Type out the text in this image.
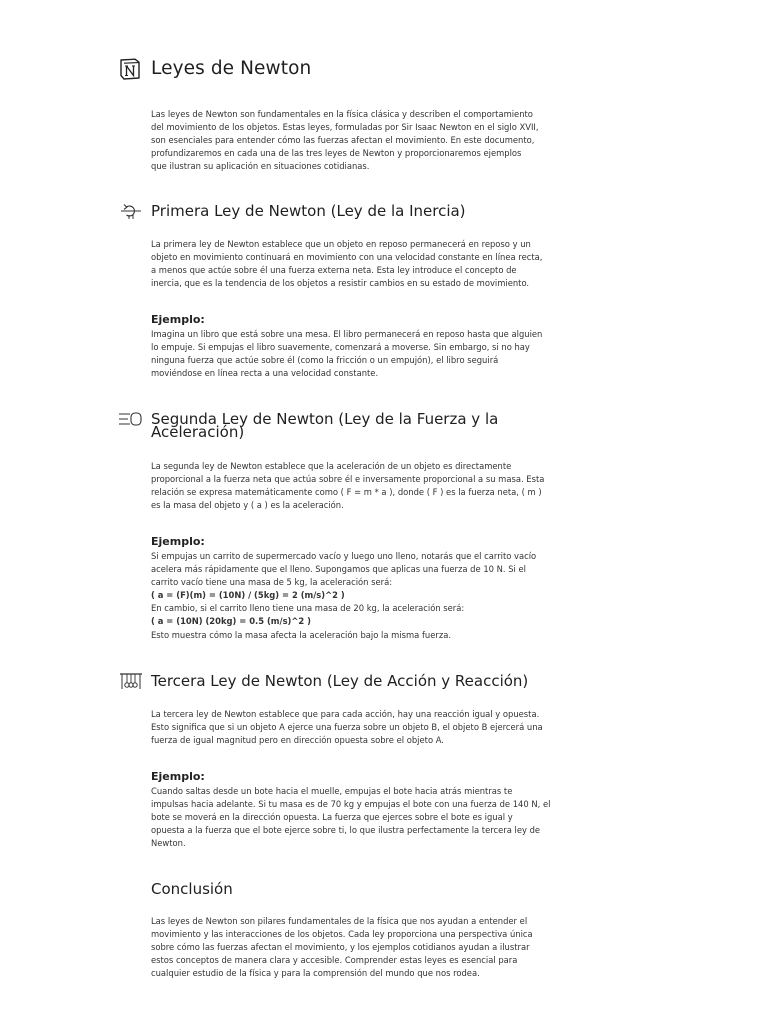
Leyes de Newton

Las leyes de Newton son fundamentales en la física clásica y describen el comportamiento
del movimiento de los objetos. Estas leyes, formuladas por Sir Isaac Newton en el siglo XVII,
son esenciales para entender cómo las fuerzas afectan el movimiento. En este documento,
profundizaremos en cada una de las tres leyes de Newton y proporcionaremos ejemplos
que ilustran su aplicación en situaciones cotidianas.

Primera Ley de Newton (Ley de la Inercia)

La primera ley de Newton establece que un objeto en reposo permanecerá en reposo y un
objeto en movimiento continuará en movimiento con una velocidad constante en línea recta,
a menos que actúe sobre él una fuerza externa neta. Esta ley introduce el concepto de
inercia, que es la tendencia de los objetos a resistir cambios en su estado de movimiento.

Ejemplo:

Imagina un libro que está sobre una mesa. El libro permanecerá en reposo hasta que alguien
lo empuje. Si empujas el libro suavemente, comenzará a moverse. Sin embargo, si no hay
ninguna fuerza que actúe sobre él (como la fricción o un empujón), el libro seguirá
moviéndose en línea recta a una velocidad constante.

Segunda Ley de Newton (Ley de la Fuerza y la
Aceleración)

La segunda ley de Newton establece que la aceleración de un objeto es directamente
proporcional a la fuerza neta que actúa sobre él e inversamente proporcional a su masa. Esta
relación se expresa matemáticamente como ( F = m * a ), donde ( F ) es la fuerza neta, ( m )
es la masa del objeto y ( a ) es la aceleración.

Ejemplo:

Si empujas un carrito de supermercado vacío y luego uno lleno, notarás que el carrito vacío
acelera más rápidamente que el lleno. Supongamos que aplicas una fuerza de 10 N. Si el
carrito vacío tiene una masa de 5 kg, la aceleración será:
( a = (F)(m) = (10N) / (5kg) = 2 (m/s)^2 )
En cambio, si el carrito lleno tiene una masa de 20 kg, la aceleración será:
( a = (10N) (20kg) = 0.5 (m/s)^2 )
Esto muestra cómo la masa afecta la aceleración bajo la misma fuerza.

Tercera Ley de Newton (Ley de Acción y Reacción)

La tercera ley de Newton establece que para cada acción, hay una reacción igual y opuesta.
Esto significa que si un objeto A ejerce una fuerza sobre un objeto B, el objeto B ejercerá una
fuerza de igual magnitud pero en dirección opuesta sobre el objeto A.

Ejemplo:

Cuando saltas desde un bote hacia el muelle, empujas el bote hacia atrás mientras te
impulsas hacia adelante. Si tu masa es de 70 kg y empujas el bote con una fuerza de 140 N, el
bote se moverá en la dirección opuesta. La fuerza que ejerces sobre el bote es igual y
opuesta a la fuerza que el bote ejerce sobre ti, lo que ilustra perfectamente la tercera ley de
Newton.

Conclusión

Las leyes de Newton son pilares fundamentales de la física que nos ayudan a entender el
movimiento y las interacciones de los objetos. Cada ley proporciona una perspectiva única
sobre cómo las fuerzas afectan el movimiento, y los ejemplos cotidianos ayudan a ilustrar
estos conceptos de manera clara y accesible. Comprender estas leyes es esencial para
cualquier estudio de la física y para la comprensión del mundo que nos rodea.
